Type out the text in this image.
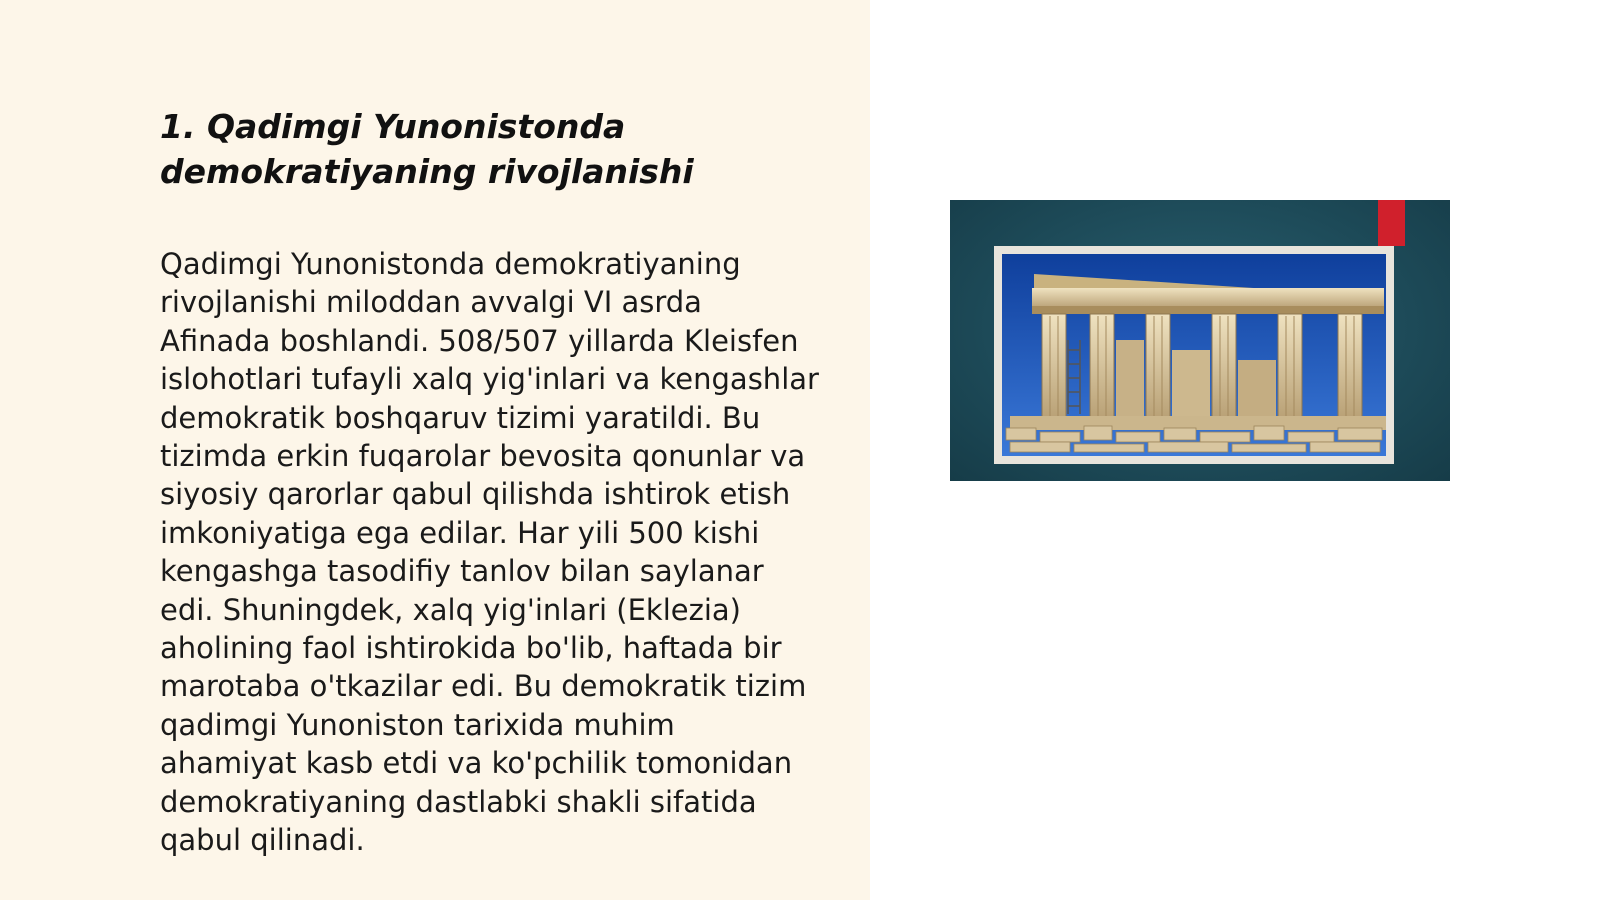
1. Qadimgi Yunonistonda
demokratiyaning rivojlanishi

Qadimgi Yunonistonda demokratiyaning
rivojlanishi miloddan avvalgi VI asrda
Afinada boshlandi. 508/507 yillarda Kleisfen
islohotlari tufayli xalq yig'inlari va kengashlar
demokratik boshqaruv tizimi yaratildi. Bu
tizimda erkin fuqarolar bevosita qonunlar va
siyosiy qarorlar qabul qilishda ishtirok etish
imkoniyatiga ega edilar. Har yili 500 kishi
kengashga tasodifiy tanlov bilan saylanar
edi. Shuningdek, xalq yig'inlari (Eklezia)
aholining faol ishtirokida bo'lib, haftada bir
marotaba o'tkazilar edi. Bu demokratik tizim
qadimgi Yunoniston tarixida muhim
ahamiyat kasb etdi va ko'pchilik tomonidan
demokratiyaning dastlabki shakli sifatida
qabul qilinadi.
